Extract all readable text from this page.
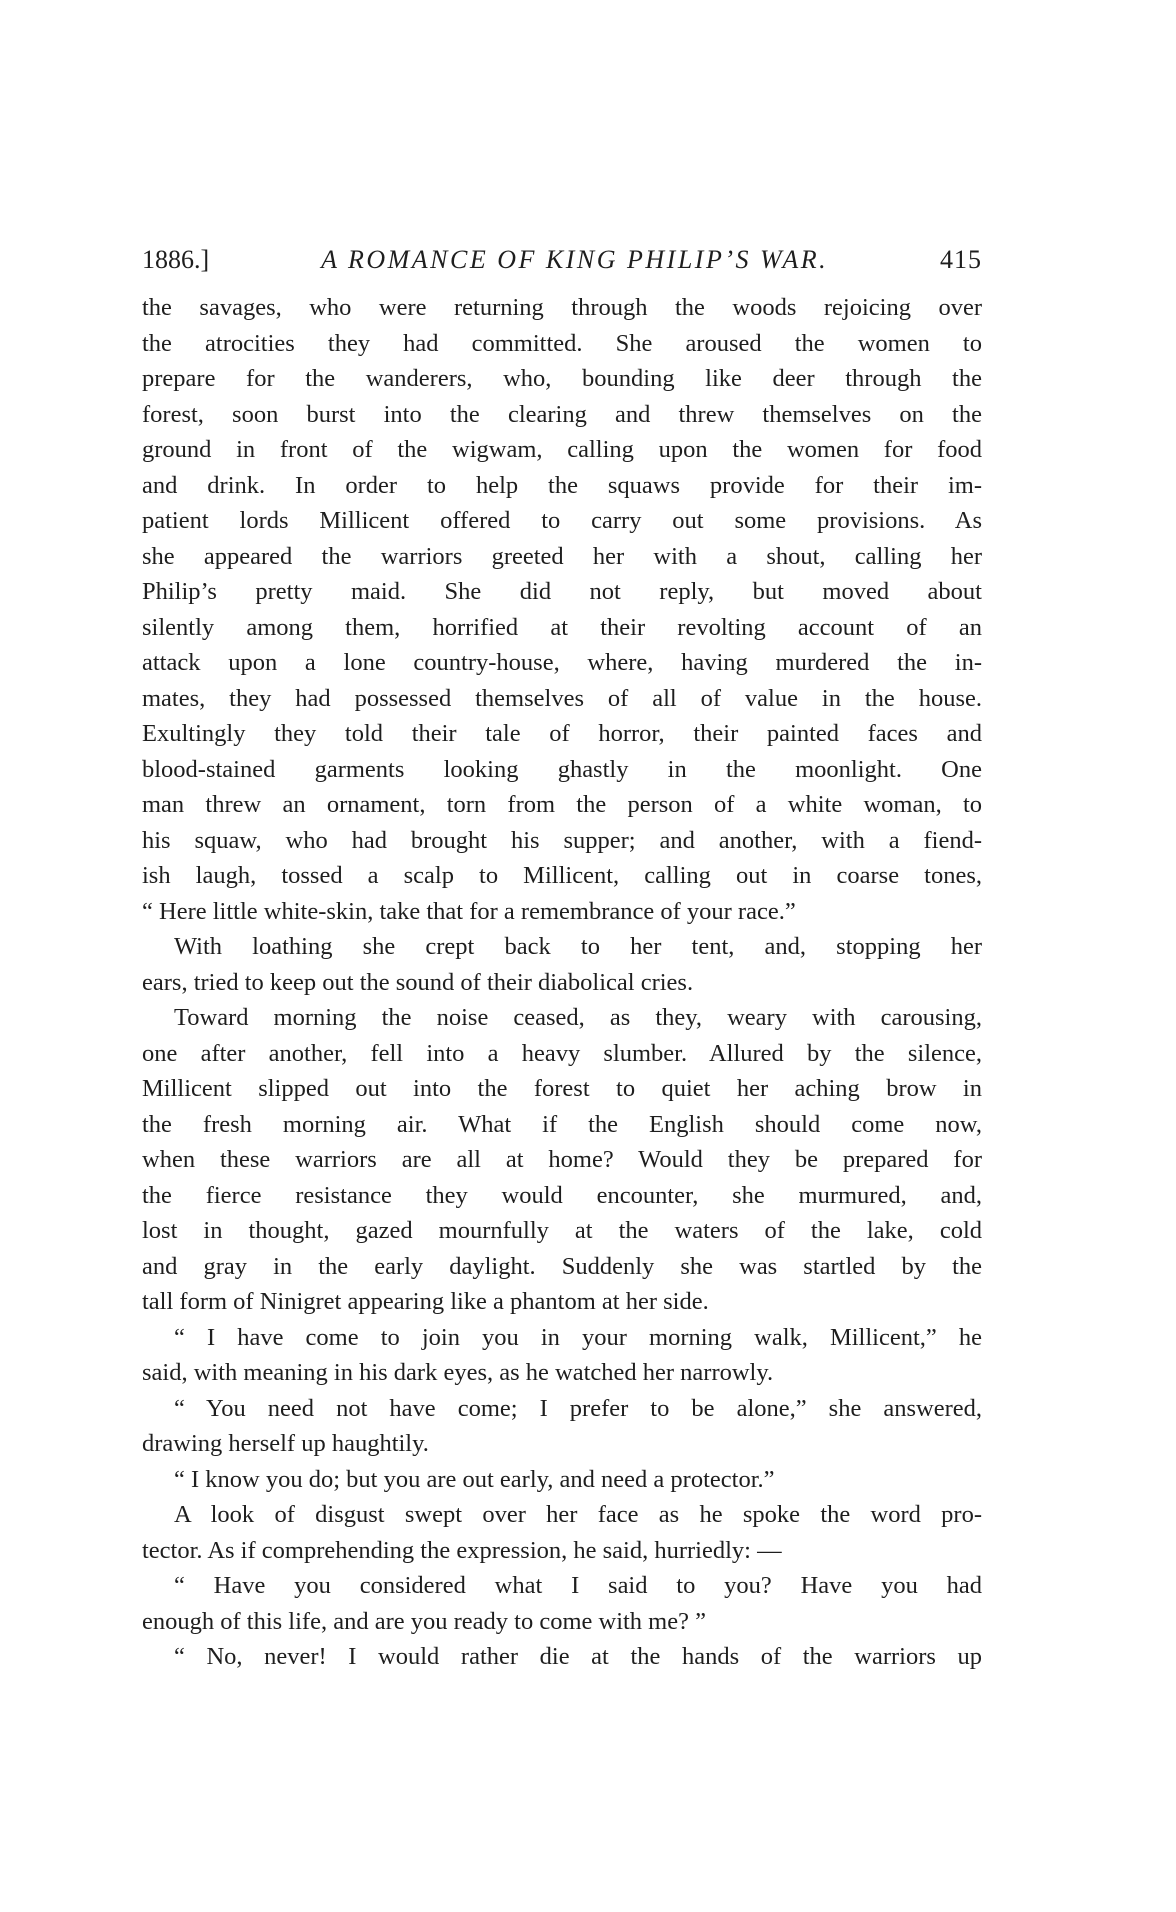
1886.]	A ROMANCE OF KING PHILIP’S WAR.	415
the savages, who were returning through the woods rejoicing over
the atrocities they had committed. She aroused the women to
prepare for the wanderers, who, bounding like deer through the
forest, soon burst into the clearing and threw themselves on the
ground in front of the wigwam, calling upon the women for food
and drink. In order to help the squaws provide for their im-
patient lords Millicent offered to carry out some provisions. As
she appeared the warriors greeted her with a shout, calling her
Philip’s pretty maid. She did not reply, but moved about
silently among them, horrified at their revolting account of an
attack upon a lone country-house, where, having murdered the in-
mates, they had possessed themselves of all of value in the house.
Exultingly they told their tale of horror, their painted faces and
blood-stained garments looking ghastly in the moonlight. One
man threw an ornament, torn from the person of a white woman, to
his squaw, who had brought his supper; and another, with a fiend-
ish laugh, tossed a scalp to Millicent, calling out in coarse tones,
“ Here little white-skin, take that for a remembrance of your race.”
With loathing she crept back to her tent, and, stopping her
ears, tried to keep out the sound of their diabolical cries.
Toward morning the noise ceased, as they, weary with carousing,
one after another, fell into a heavy slumber. Allured by the silence,
Millicent slipped out into the forest to quiet her aching brow in
the fresh morning air. What if the English should come now,
when these warriors are all at home? Would they be prepared for
the fierce resistance they would encounter, she murmured, and,
lost in thought, gazed mournfully at the waters of the lake, cold
and gray in the early daylight. Suddenly she was startled by the
tall form of Ninigret appearing like a phantom at her side.
“ I have come to join you in your morning walk, Millicent,” he
said, with meaning in his dark eyes, as he watched her narrowly.
“ You need not have come; I prefer to be alone,” she answered,
drawing herself up haughtily.
“ I know you do; but you are out early, and need a protector.”
A look of disgust swept over her face as he spoke the word pro-
tector. As if comprehending the expression, he said, hurriedly: —
“ Have you considered what I said to you? Have you had
enough of this life, and are you ready to come with me? ”
“ No, never! I would rather die at the hands of the warriors up
